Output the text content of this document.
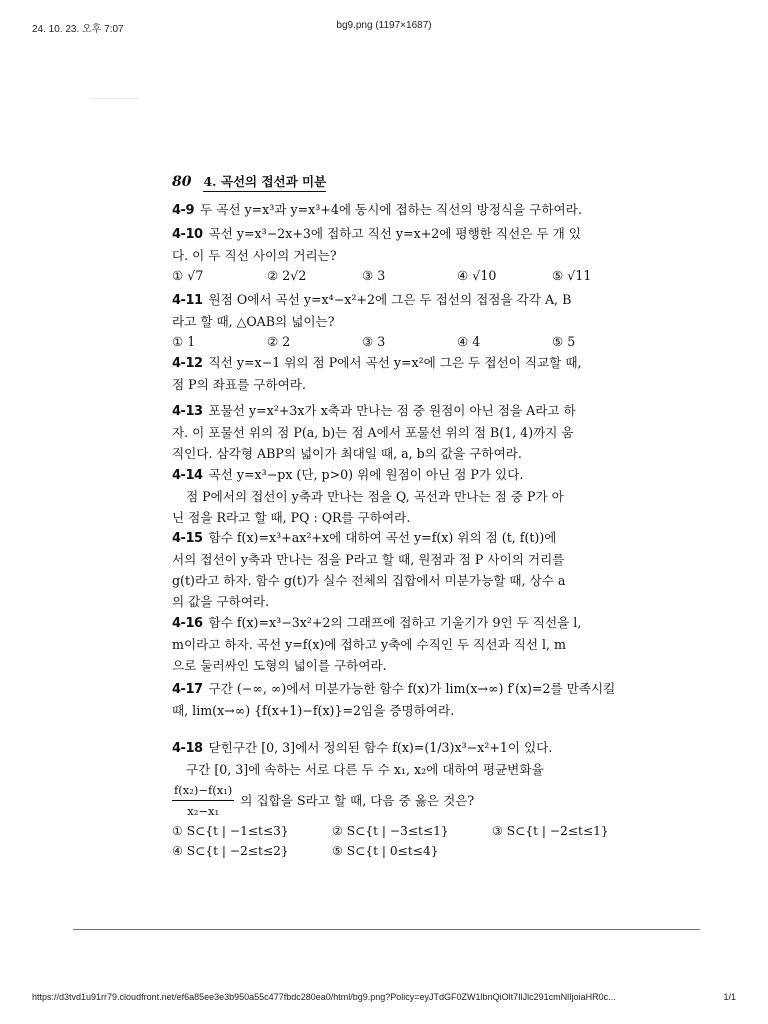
24. 10. 23. 오후 7:07	bg9.png (1197×1687)
80 4. 곡선의 접선과 미분
4-9 두 곡선 y=x³과 y=x³+4에 동시에 접하는 직선의 방정식을 구하여라.
4-10 곡선 y=x³−2x+3에 접하고 직선 y=x+2에 평행한 직선은 두 개 있
다. 이 두 직선 사이의 거리는?
① √7	② 2√2	③ 3	④ √10	⑤ √11
4-11 원점 O에서 곡선 y=x⁴−x²+2에 그은 두 접선의 접점을 각각 A, B
라고 할 때, △OAB의 넓이는?
① 1	② 2	③ 3	④ 4	⑤ 5
4-12 직선 y=x−1 위의 점 P에서 곡선 y=x²에 그은 두 접선이 직교할 때,
점 P의 좌표를 구하여라.
4-13 포물선 y=x²+3x가 x축과 만나는 점 중 원점이 아닌 점을 A라고 하
자. 이 포물선 위의 점 P(a, b)는 점 A에서 포물선 위의 점 B(1, 4)까지 움
직인다. 삼각형 ABP의 넓이가 최대일 때, a, b의 값을 구하여라.
4-14 곡선 y=x³−px (단, p>0) 위에 원점이 아닌 점 P가 있다.
점 P에서의 접선이 y축과 만나는 점을 Q, 곡선과 만나는 점 중 P가 아
닌 점을 R라고 할 때, PQ : QR를 구하여라.
4-15 함수 f(x)=x³+ax²+x에 대하여 곡선 y=f(x) 위의 점 (t, f(t))에
서의 접선이 y축과 만나는 점을 P라고 할 때, 원점과 점 P 사이의 거리를
g(t)라고 하자. 함수 g(t)가 실수 전체의 집합에서 미분가능할 때, 상수 a
의 값을 구하여라.
4-16 함수 f(x)=x³−3x²+2의 그래프에 접하고 기울기가 9인 두 직선을 l,
m이라고 하자. 곡선 y=f(x)에 접하고 y축에 수직인 두 직선과 직선 l, m
으로 둘러싸인 도형의 넓이를 구하여라.
4-17 구간 (−∞, ∞)에서 미분가능한 함수 f(x)가 lim(x→∞) f′(x)=2를 만족시킬
때, lim(x→∞) {f(x+1)−f(x)}=2임을 증명하여라.
4-18 닫힌구간 [0, 3]에서 정의된 함수 f(x)=(1/3)x³−x²+1이 있다.
구간 [0, 3]에 속하는 서로 다른 두 수 x₁, x₂에 대하여 평균변화율
$\frac{\text{f(x₂)−f(x₁)}}{\text{x₂−x₁}}$ 의 집합을 S라고 할 때, 다음 중 옳은 것은?
① S⊂{t | −1≤t≤3}	② S⊂{t | −3≤t≤1}	③ S⊂{t | −2≤t≤1}
④ S⊂{t | −2≤t≤2}	⑤ S⊂{t | 0≤t≤4}
https://d3tvd1u91rr79.cloudfront.net/ef6a85ee3e3b950a55c477fbdc280ea0/html/bg9.png?Policy=eyJTdGF0ZW1lbnQiOlt7IlJlc291cmNlIjoiaHR0c...	1/1
